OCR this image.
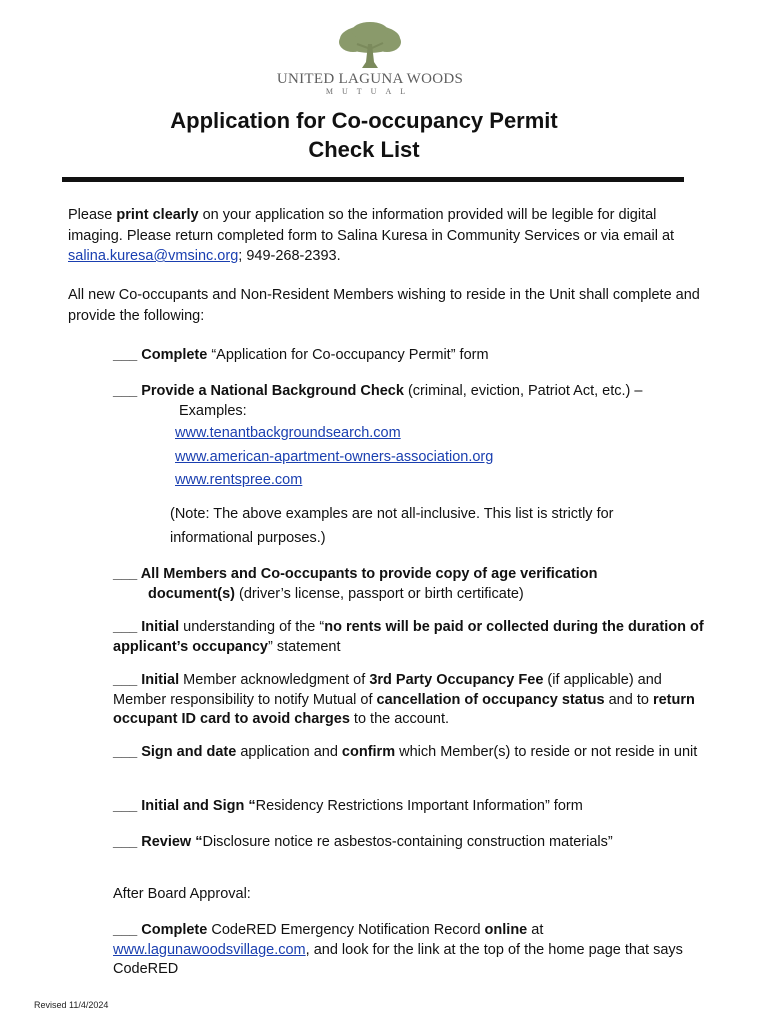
UNITED LAGUNA WOODS
MUTUAL
Application for Co-occupancy Permit
Check List
Please print clearly on your application so the information provided will be legible for digital imaging. Please return completed form to Salina Kuresa in Community Services or via email at salina.kuresa@vmsinc.org; 949-268-2393.
All new Co-occupants and Non-Resident Members wishing to reside in the Unit shall complete and provide the following:
___ Complete “Application for Co-occupancy Permit” form
___ Provide a National Background Check (criminal, eviction, Patriot Act, etc.) –
Examples:
www.tenantbackgroundsearch.com
www.american-apartment-owners-association.org
www.rentspree.com
(Note: The above examples are not all-inclusive. This list is strictly for informational purposes.)
___ All Members and Co-occupants to provide copy of age verification
document(s) (driver’s license, passport or birth certificate)
___ Initial understanding of the “no rents will be paid or collected during the duration of applicant’s occupancy” statement
___ Initial Member acknowledgment of 3rd Party Occupancy Fee (if applicable) and Member responsibility to notify Mutual of cancellation of occupancy status and to return occupant ID card to avoid charges to the account.
___ Sign and date application and confirm which Member(s) to reside or not reside in unit
___ Initial and Sign “Residency Restrictions Important Information” form
___ Review “Disclosure notice re asbestos-containing construction materials”
After Board Approval:
___ Complete CodeRED Emergency Notification Record online at www.lagunawoodsvillage.com, and look for the link at the top of the home page that says CodeRED
Revised 11/4/2024
